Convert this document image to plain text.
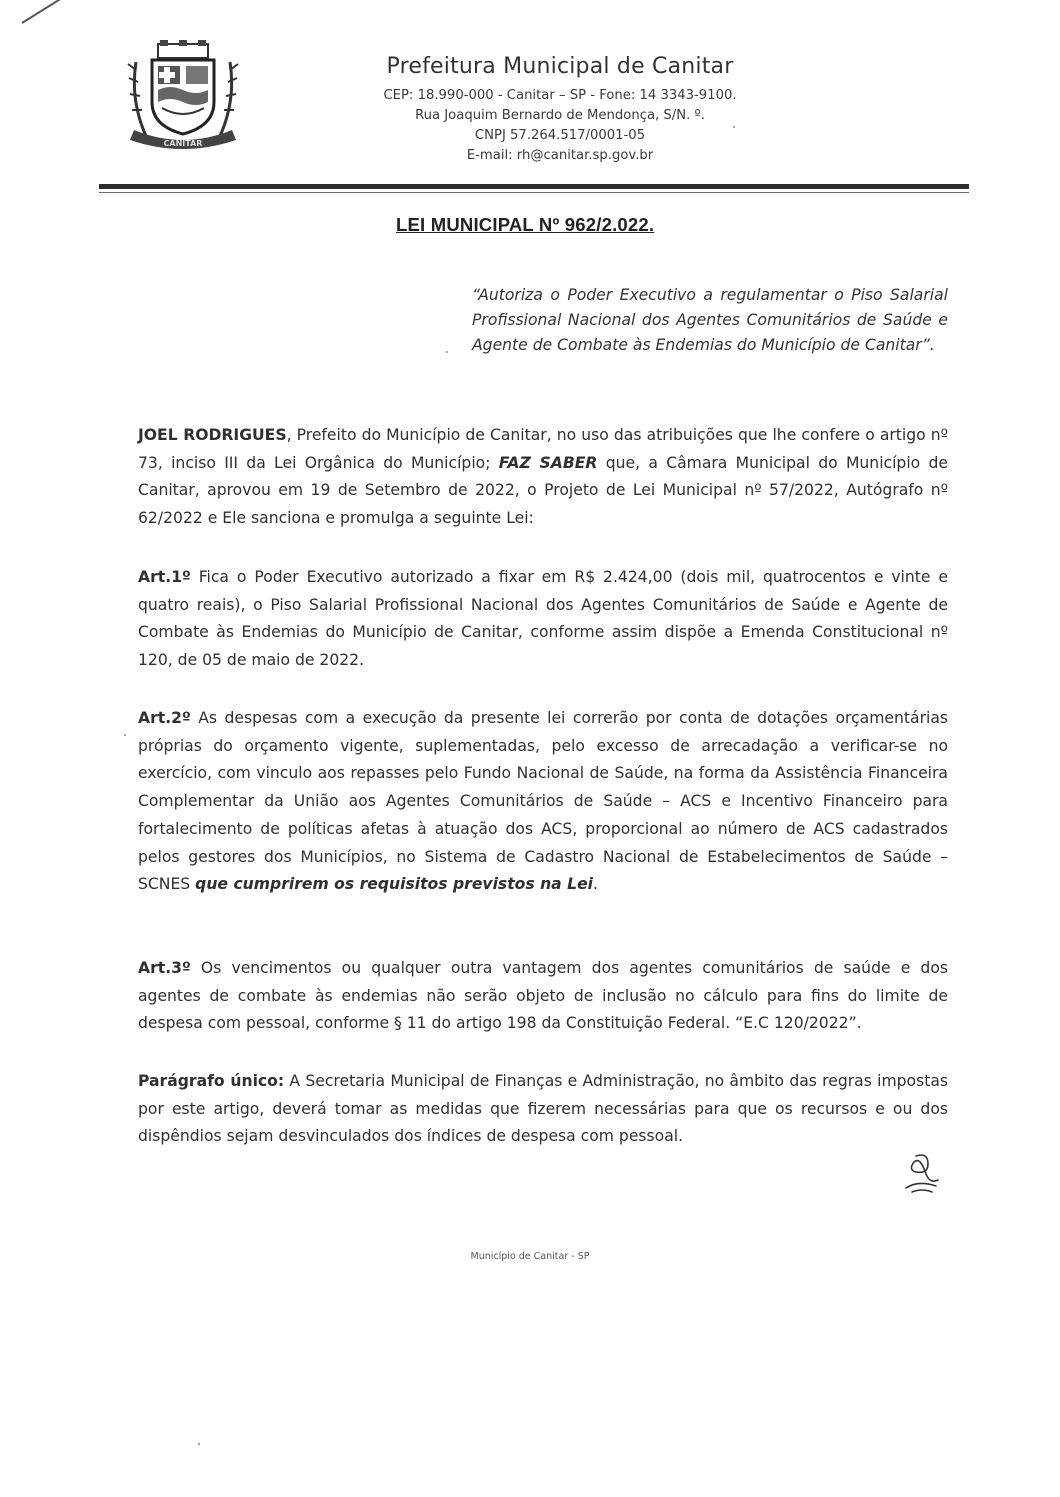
CANITAR
Prefeitura Municipal de Canitar
CEP: 18.990-000 - Canitar – SP - Fone: 14 3343-9100.
Rua Joaquim Bernardo de Mendonça, S/N. º.
CNPJ 57.264.517/0001-05
E-mail: rh@canitar.sp.gov.br
LEI MUNICIPAL Nº 962/2.022.
“Autoriza o Poder Executivo a regulamentar o Piso Salarial Profissional Nacional dos Agentes Comunitários de Saúde e Agente de Combate às Endemias do Município de Canitar”.
JOEL RODRIGUES, Prefeito do Município de Canitar, no uso das atribuições que lhe confere o artigo nº 73, inciso III da Lei Orgânica do Município; FAZ SABER que, a Câmara Municipal do Município de Canitar, aprovou em 19 de Setembro de 2022, o Projeto de Lei Municipal nº 57/2022, Autógrafo nº 62/2022 e Ele sanciona e promulga a seguinte Lei:
Art.1º Fica o Poder Executivo autorizado a fixar em R$ 2.424,00 (dois mil, quatrocentos e vinte e quatro reais), o Piso Salarial Profissional Nacional dos Agentes Comunitários de Saúde e Agente de Combate às Endemias do Município de Canitar, conforme assim dispõe a Emenda Constitucional nº 120, de 05 de maio de 2022.
Art.2º As despesas com a execução da presente lei correrão por conta de dotações orçamentárias próprias do orçamento vigente, suplementadas, pelo excesso de arrecadação a verificar-se no exercício, com vinculo aos repasses pelo Fundo Nacional de Saúde, na forma da Assistência Financeira Complementar da União aos Agentes Comunitários de Saúde – ACS e Incentivo Financeiro para fortalecimento de políticas afetas à atuação dos ACS, proporcional ao número de ACS cadastrados pelos gestores dos Municípios, no Sistema de Cadastro Nacional de Estabelecimentos de Saúde – SCNES que cumprirem os requisitos previstos na Lei.
Art.3º Os vencimentos ou qualquer outra vantagem dos agentes comunitários de saúde e dos agentes de combate às endemias não serão objeto de inclusão no cálculo para fins do limite de despesa com pessoal, conforme § 11 do artigo 198 da Constituição Federal. “E.C 120/2022”.
Parágrafo único: A Secretaria Municipal de Finanças e Administração, no âmbito das regras impostas por este artigo, deverá tomar as medidas que fizerem necessárias para que os recursos e ou dos dispêndios sejam desvinculados dos índices de despesa com pessoal.
Município de Canitar - SP
